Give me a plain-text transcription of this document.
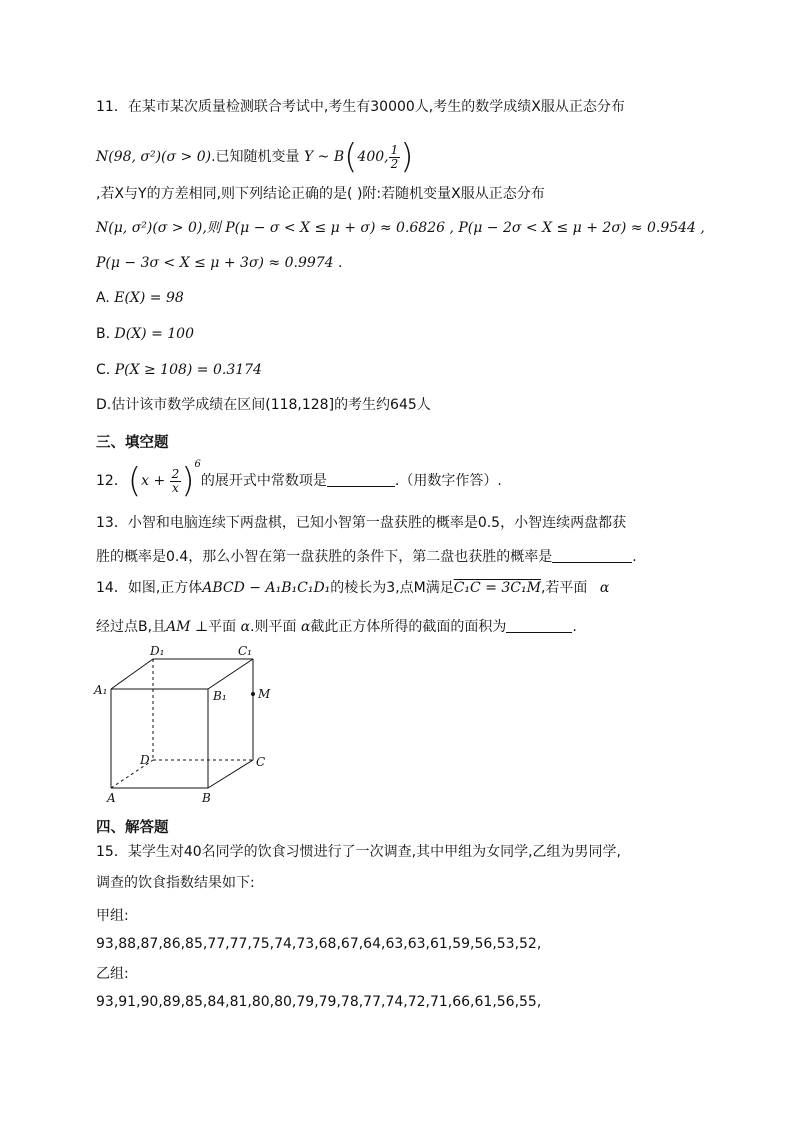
11．在某市某次质量检测联合考试中,考生有30000人,考生的数学成绩X服从正态分布
N(98, σ²)(σ > 0).已知随机变量 Y ~ B(400, $\frac{1}{2}$ )
,若X与Y的方差相同,则下列结论正确的是( )附:若随机变量X服从正态分布
N(μ, σ²)(σ > 0),则 P(μ − σ < X ≤ μ + σ) ≈ 0.6826 , P(μ − 2σ < X ≤ μ + 2σ) ≈ 0.9544 ,
P(μ − 3σ < X ≤ μ + 3σ) ≈ 0.9974 .
A. E(X) = 98
B. D(X) = 100
C. P(X ≥ 108) = 0.3174
D.估计该市数学成绩在区间(118,128]的考生约645人
三、填空题
12．$(x + \frac{2}{x} )^6$的展开式中常数项是	.（用数字作答）.
13．小智和电脑连续下两盘棋，已知小智第一盘获胜的概率是0.5，小智连续两盘都获
胜的概率是0.4，那么小智在第一盘获胜的条件下，第二盘也获胜的概率是	.
14．如图,正方体ABCD − A₁B₁C₁D₁的棱长为3,点M满足C₁C = 3C₁M,若平面 α
经过点B,且AM ⊥平面 α.则平面 α截此正方体所得的截面的面积为	.
D₁	C₁
A₁	B₁	M
D	C
A	B
四、解答题
15．某学生对40名同学的饮食习惯进行了一次调查,其中甲组为女同学,乙组为男同学,
调查的饮食指数结果如下:
甲组:
93,88,87,86,85,77,77,75,74,73,68,67,64,63,63,61,59,56,53,52,
乙组:
93,91,90,89,85,84,81,80,80,79,79,78,77,74,72,71,66,61,56,55,
